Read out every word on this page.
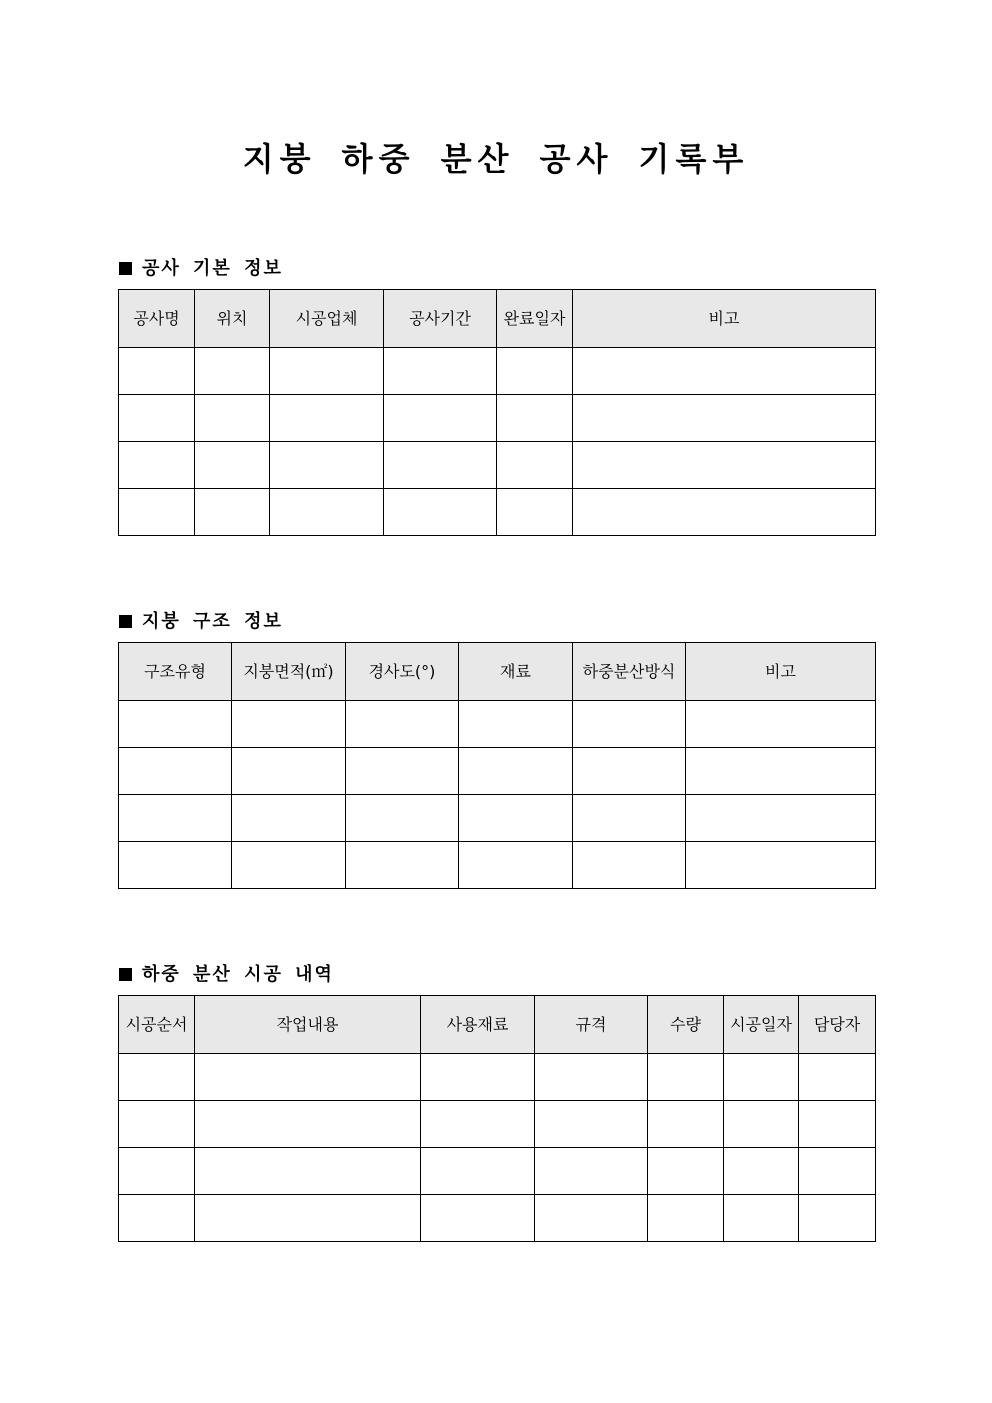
지붕 하중 분산 공사 기록부
공사 기본 정보
공사명	위치	시공업체	공사기간	완료일자	비고

지붕 구조 정보
구조유형	지붕면적(㎡)	경사도(°)	재료	하중분산방식	비고

하중 분산 시공 내역
시공순서	작업내용	사용재료	규격	수량	시공일자	담당자
